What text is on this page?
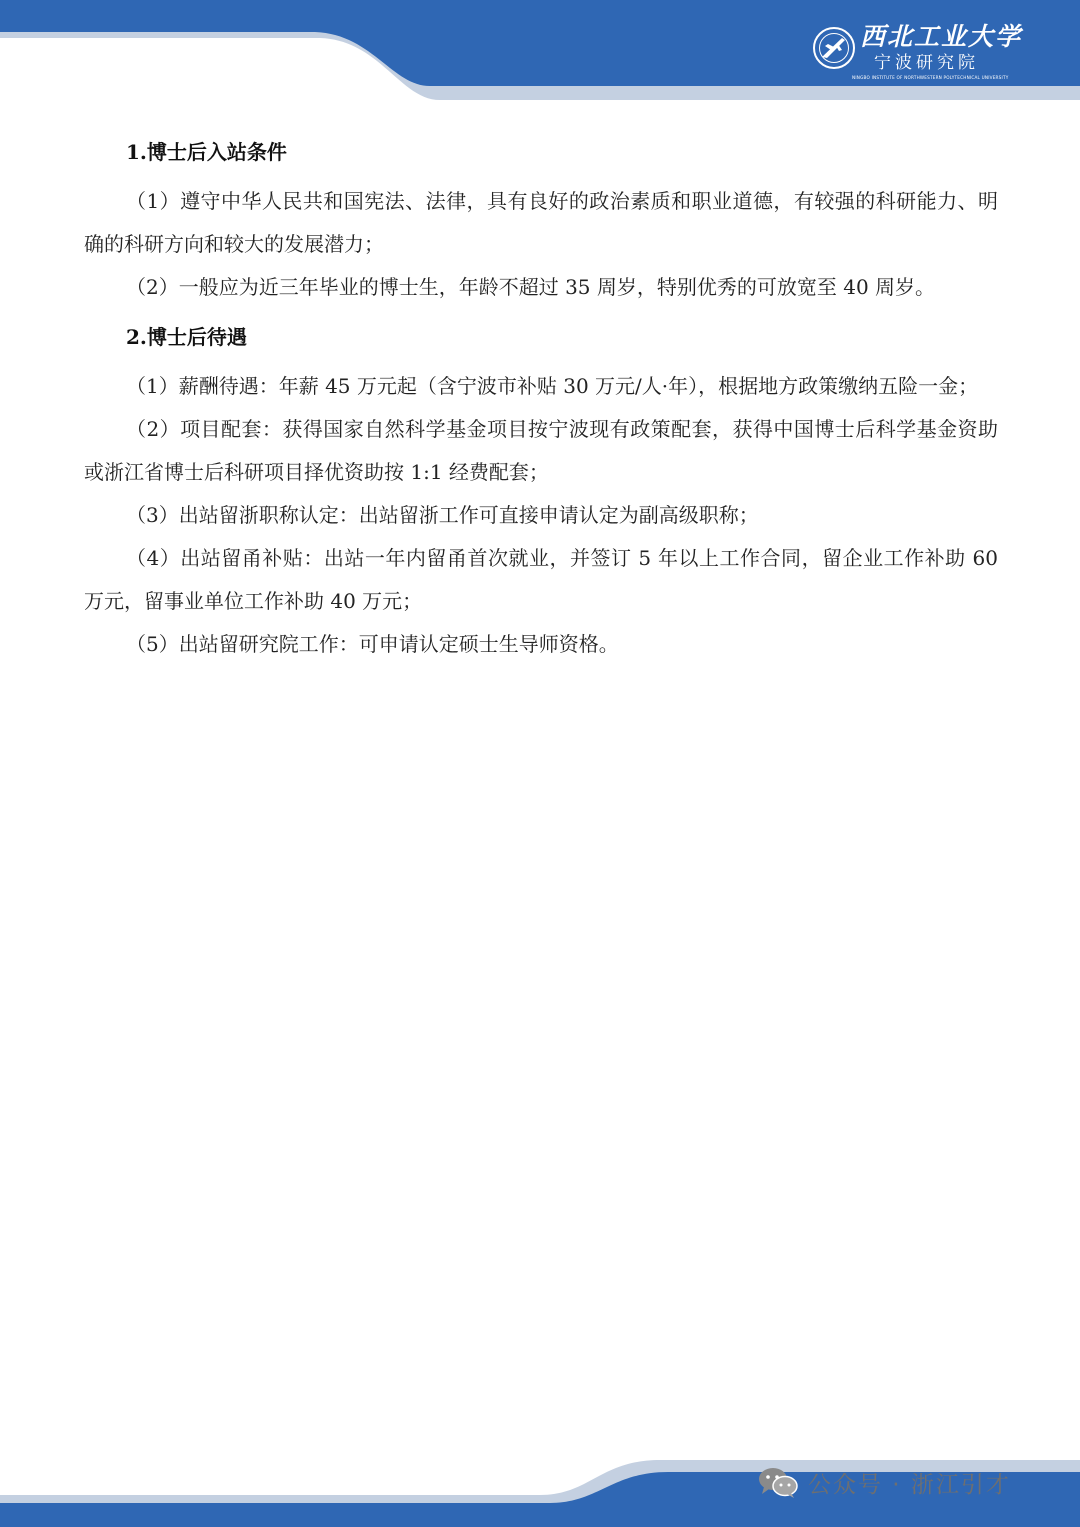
西北工业大学
宁波研究院
NINGBO INSTITUTE OF NORTHWESTERN POLYTECHNICAL UNIVERSITY
1.博士后入站条件

（1）遵守中华人民共和国宪法、法律，具有良好的政治素质和职业道德，有较强的科研能力、明确的科研方向和较大的发展潜力；

（2）一般应为近三年毕业的博士生，年龄不超过 35 周岁，特别优秀的可放宽至 40 周岁。

2.博士后待遇

（1）薪酬待遇：年薪 45 万元起（含宁波市补贴 30 万元/人·年），根据地方政策缴纳五险一金；

（2）项目配套：获得国家自然科学基金项目按宁波现有政策配套，获得中国博士后科学基金资助或浙江省博士后科研项目择优资助按 1:1 经费配套；

（3）出站留浙职称认定：出站留浙工作可直接申请认定为副高级职称；

（4）出站留甬补贴：出站一年内留甬首次就业，并签订 5 年以上工作合同，留企业工作补助 60 万元，留事业单位工作补助 40 万元；

（5）出站留研究院工作：可申请认定硕士生导师资格。

公众号 · 浙江引才
